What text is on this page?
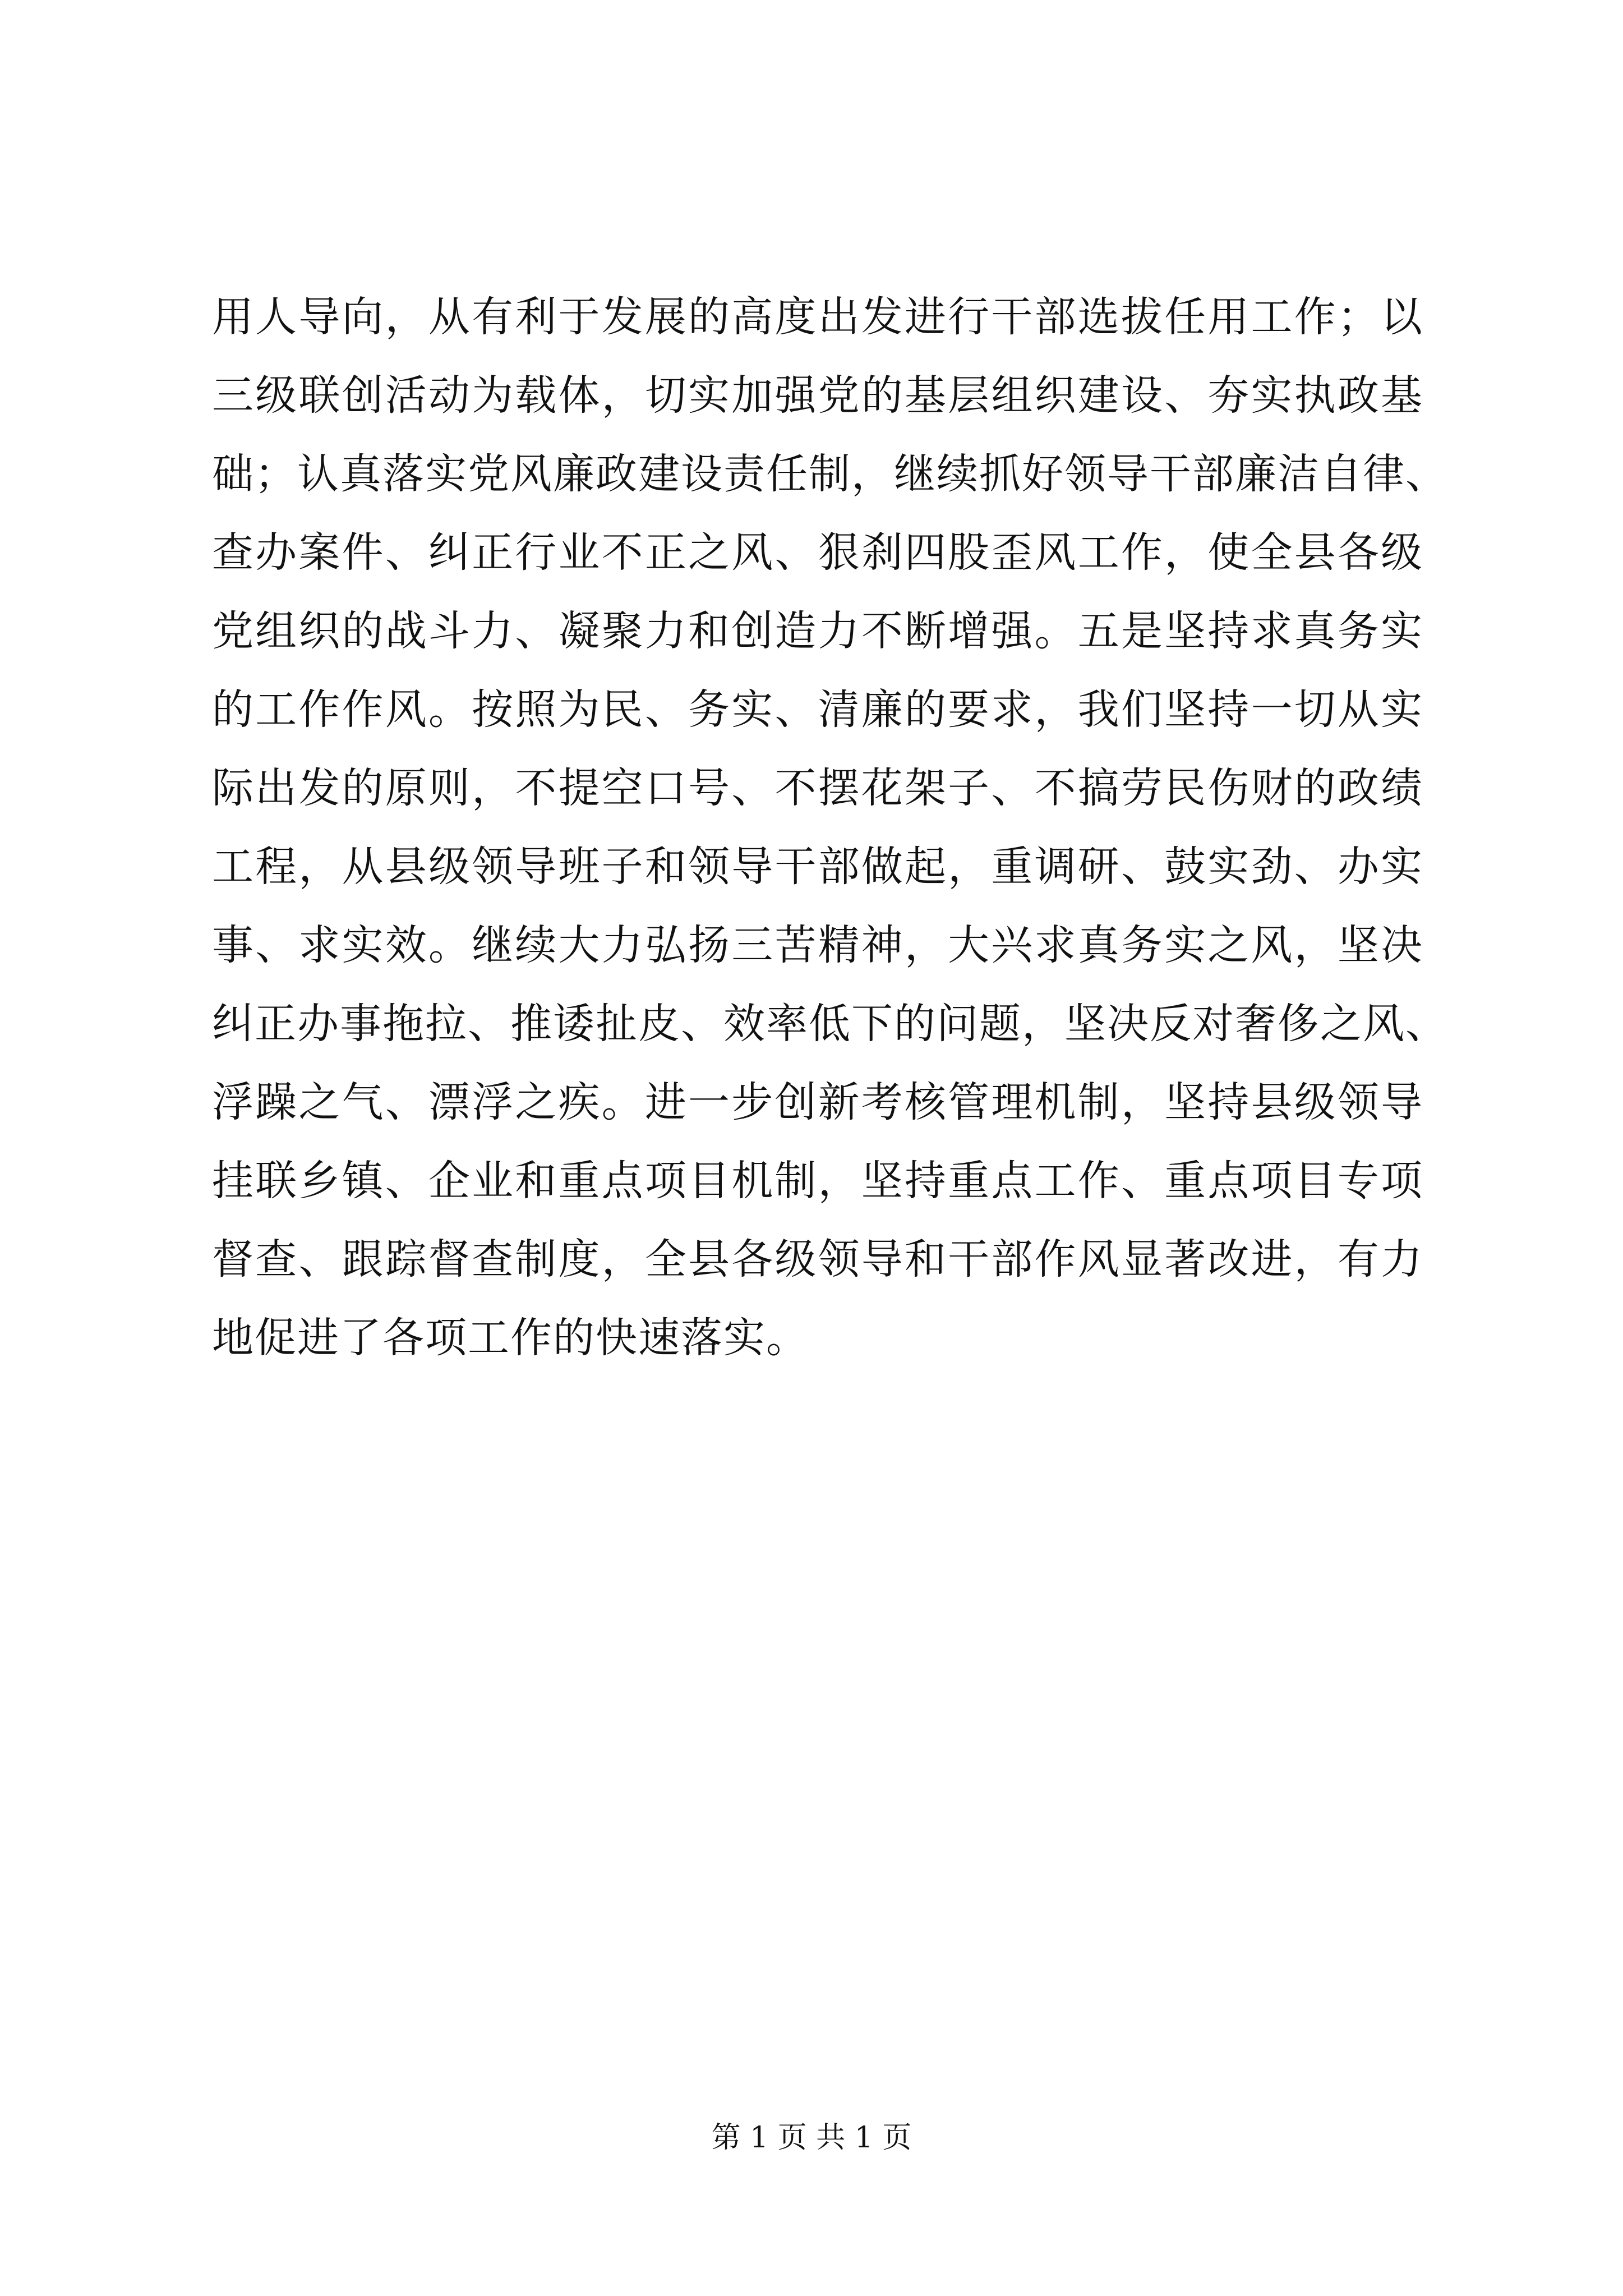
用人导向，从有利于发展的高度出发进行干部选拔任用工作；以
三级联创活动为载体，切实加强党的基层组织建设、夯实执政基
础；认真落实党风廉政建设责任制，继续抓好领导干部廉洁自律、
查办案件、纠正行业不正之风、狠刹四股歪风工作，使全县各级
党组织的战斗力、凝聚力和创造力不断增强。五是坚持求真务实
的工作作风。按照为民、务实、清廉的要求，我们坚持一切从实
际出发的原则，不提空口号、不摆花架子、不搞劳民伤财的政绩
工程，从县级领导班子和领导干部做起，重调研、鼓实劲、办实
事、求实效。继续大力弘扬三苦精神，大兴求真务实之风，坚决
纠正办事拖拉、推诿扯皮、效率低下的问题，坚决反对奢侈之风、
浮躁之气、漂浮之疾。进一步创新考核管理机制，坚持县级领导
挂联乡镇、企业和重点项目机制，坚持重点工作、重点项目专项
督查、跟踪督查制度，全县各级领导和干部作风显著改进，有力
地促进了各项工作的快速落实。

第 1 页 共 1 页
